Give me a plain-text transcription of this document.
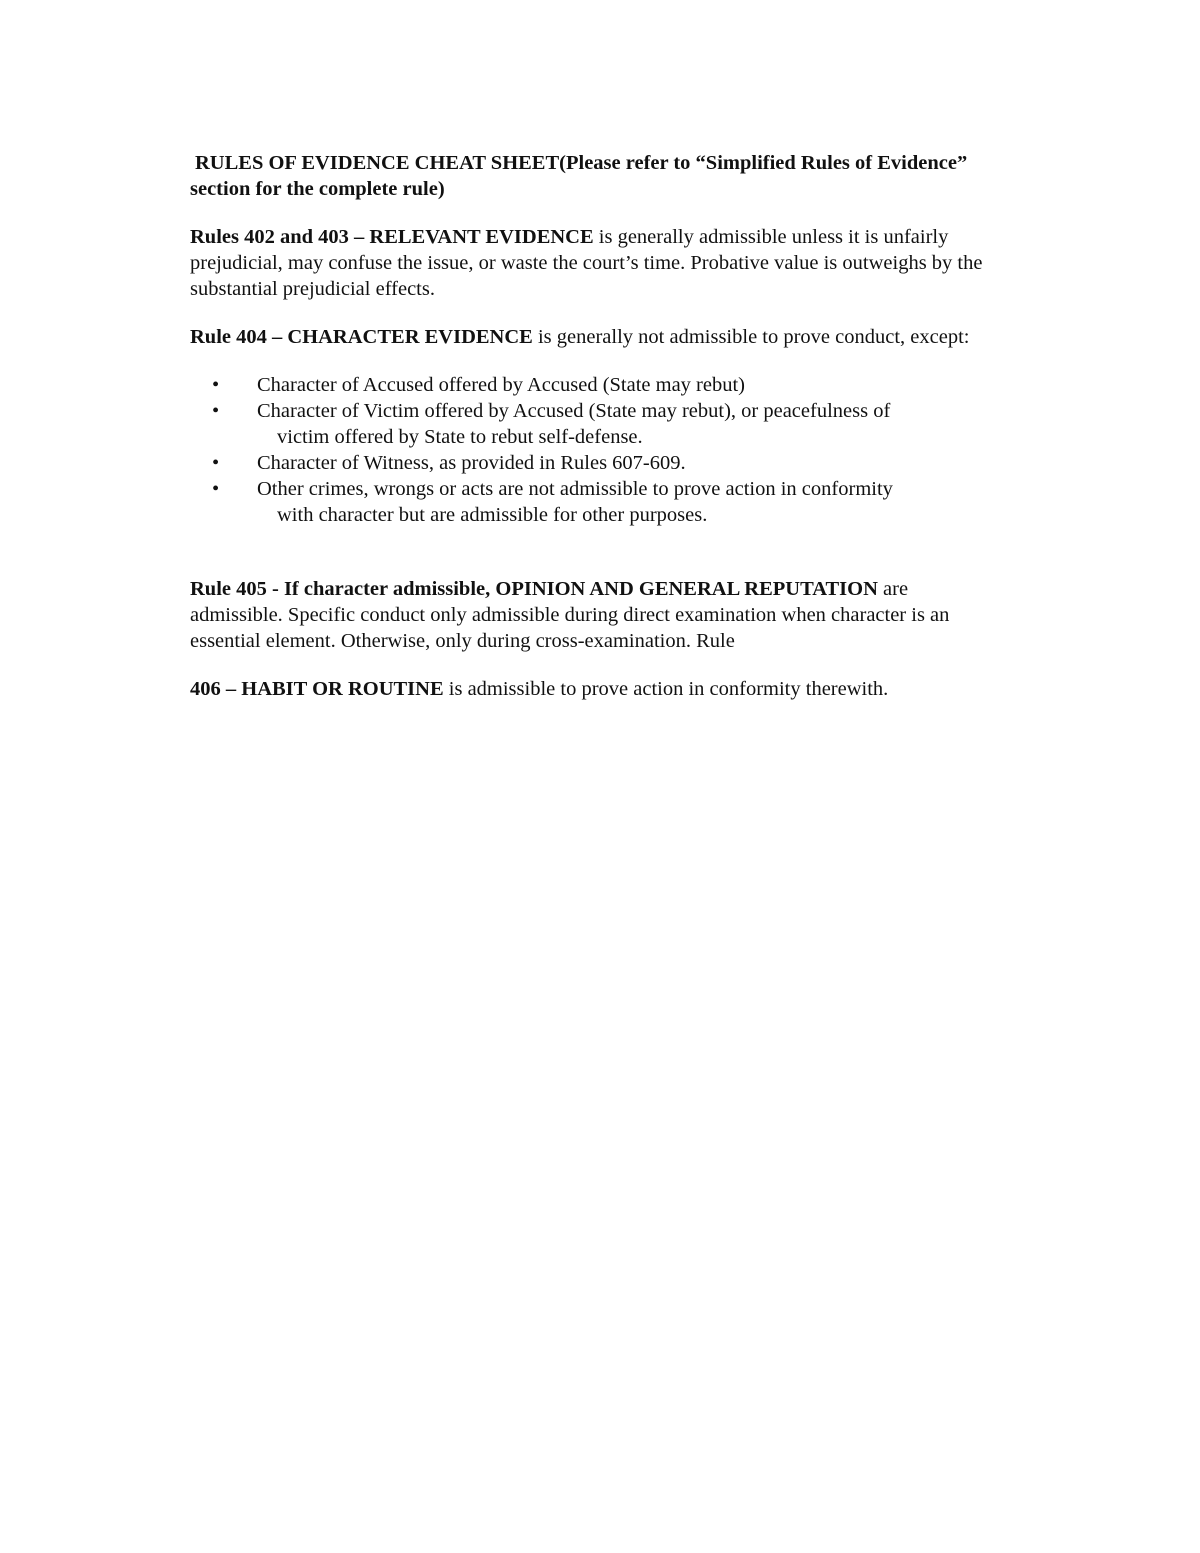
RULES OF EVIDENCE CHEAT SHEET(Please refer to “Simplified Rules of Evidence” section for the complete rule)

Rules 402 and 403 – RELEVANT EVIDENCE is generally admissible unless it is unfairly prejudicial, may confuse the issue, or waste the court’s time. Probative value is outweighs by the substantial prejudicial effects.

Rule 404 – CHARACTER EVIDENCE is generally not admissible to prove conduct, except:

• Character of Accused offered by Accused (State may rebut)
• Character of Victim offered by Accused (State may rebut), or peacefulness of
victim offered by State to rebut self-defense.
• Character of Witness, as provided in Rules 607-609.
• Other crimes, wrongs or acts are not admissible to prove action in conformity
with character but are admissible for other purposes.

Rule 405 - If character admissible, OPINION AND GENERAL REPUTATION are admissible. Specific conduct only admissible during direct examination when character is an essential element. Otherwise, only during cross-examination. Rule

406 – HABIT OR ROUTINE is admissible to prove action in conformity therewith.
